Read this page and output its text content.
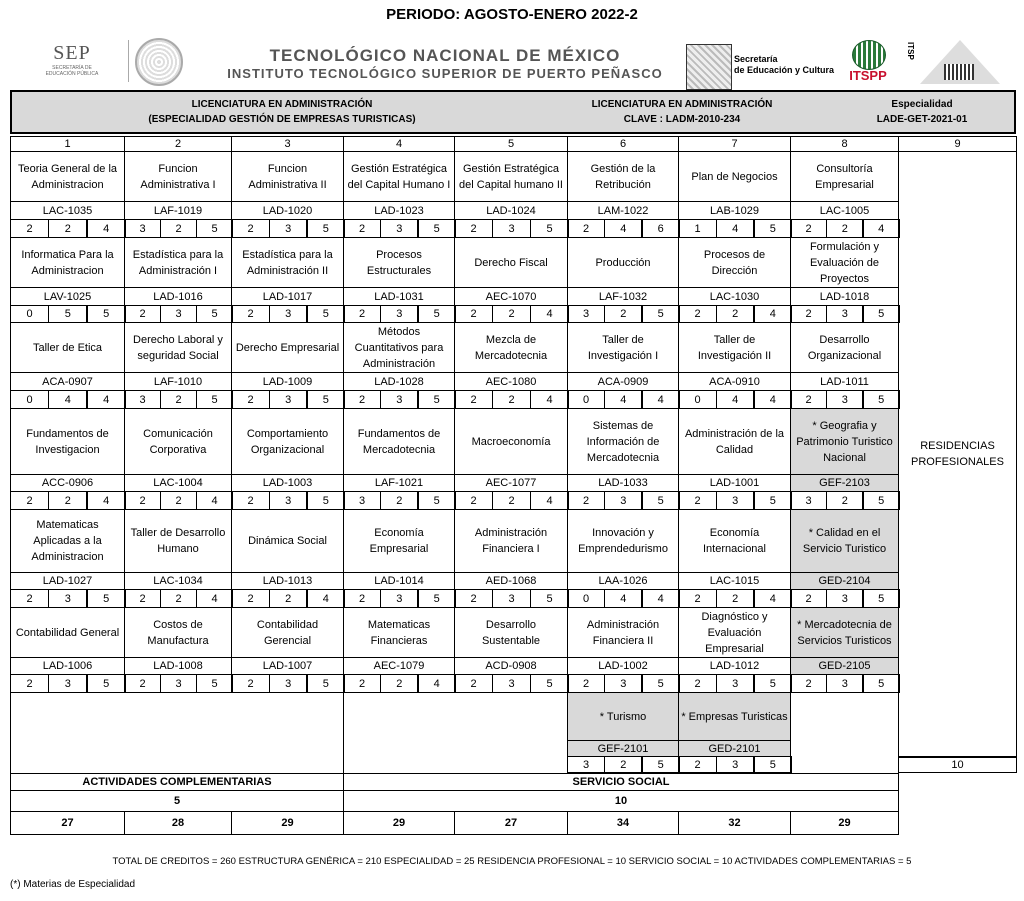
PERIODO: AGOSTO-ENERO 2022-2
SEP
SECRETARÍA DE
EDUCACIÓN PÚBLICA
TECNOLÓGICO NACIONAL DE MÉXICO
INSTITUTO TECNOLÓGICO SUPERIOR DE PUERTO PEÑASCO
Secretaría
de Educación y Cultura	ITSPP
ITSP
LICENCIATURA EN ADMINISTRACIÓN
(ESPECIALIDAD GESTIÓN DE EMPRESAS TURISTICAS)
LICENCIATURA EN ADMINISTRACIÓN
CLAVE : LADM-2010-234
Especialidad
LADE-GET-2021-01
1	2	3	4	5	6	7	8	9
Teoria General de la Administracion
LAC-1035
2	2	4
Funcion Administrativa I
LAF-1019
3	2	5
Funcion Administrativa II
LAD-1020
2	3	5
Gestión Estratégica del Capital Humano I
LAD-1023
2	3	5
Gestión Estratégica del Capital humano II
LAD-1024
2	3	5
Gestión de la Retribución
LAM-1022
2	4	6
Plan de Negocios
LAB-1029
1	4	5
Consultoría Empresarial
LAC-1005
2	2	4
Informatica Para la Administracion
LAV-1025
0	5	5
Estadística para la Administración I
LAD-1016
2	3	5
Estadística para la Administración II
LAD-1017
2	3	5
Procesos Estructurales
LAD-1031
2	3	5
Derecho Fiscal
AEC-1070
2	2	4
Producción
LAF-1032
3	2	5
Procesos de Dirección
LAC-1030
2	2	4
Formulación y Evaluación de Proyectos
LAD-1018
2	3	5
Taller de Etica
ACA-0907
0	4	4
Derecho Laboral y seguridad Social
LAF-1010
3	2	5
Derecho Empresarial
LAD-1009
2	3	5
Métodos Cuantitativos para Administración
LAD-1028
2	3	5
Mezcla de Mercadotecnia
AEC-1080
2	2	4
Taller de Investigación I
ACA-0909
0	4	4
Taller de Investigación II
ACA-0910
0	4	4
Desarrollo Organizacional
LAD-1011
2	3	5
Fundamentos de Investigacion
ACC-0906
2	2	4
Comunicación Corporativa
LAC-1004
2	2	4
Comportamiento Organizacional
LAD-1003
2	3	5
Fundamentos de Mercadotecnia
LAF-1021
3	2	5
Macroeconomía
AEC-1077
2	2	4
Sistemas de Información de Mercadotecnia
LAD-1033
2	3	5
Administración de la Calidad
LAD-1001
2	3	5
* Geografia y Patrimonio Turistico Nacional
GEF-2103
3	2	5
Matematicas Aplicadas a la Administracion
LAD-1027
2	3	5
Taller de Desarrollo Humano
LAC-1034
2	2	4
Dinámica Social
LAD-1013
2	2	4
Economía Empresarial
LAD-1014
2	3	5
Administración Financiera I
AED-1068
2	3	5
Innovación y Emprendedurismo
LAA-1026
0	4	4
Economía Internacional
LAC-1015
2	2	4
* Calidad en el Servicio Turistico
GED-2104
2	3	5
Contabilidad General
LAD-1006
2	3	5
Costos de Manufactura
LAD-1008
2	3	5
Contabilidad Gerencial
LAD-1007
2	3	5
Matematicas Financieras
AEC-1079
2	2	4
Desarrollo Sustentable
ACD-0908
2	3	5
Administración Financiera II
LAD-1002
2	3	5
Diagnóstico y Evaluación Empresarial
LAD-1012
2	3	5
* Mercadotecnia de Servicios Turisticos
GED-2105
2	3	5
RESIDENCIAS PROFESIONALES
10
* Turismo
GEF-2101
3	2	5
* Empresas Turisticas
GED-2101
2	3	5
ACTIVIDADES COMPLEMENTARIAS	SERVICIO SOCIAL
5	10
27	28	29	29	27	34	32	29
TOTAL DE CREDITOS = 260 ESTRUCTURA GENÉRICA = 210 ESPECIALIDAD = 25 RESIDENCIA PROFESIONAL = 10 SERVICIO SOCIAL = 10 ACTIVIDADES COMPLEMENTARIAS = 5
(*) Materias de Especialidad
